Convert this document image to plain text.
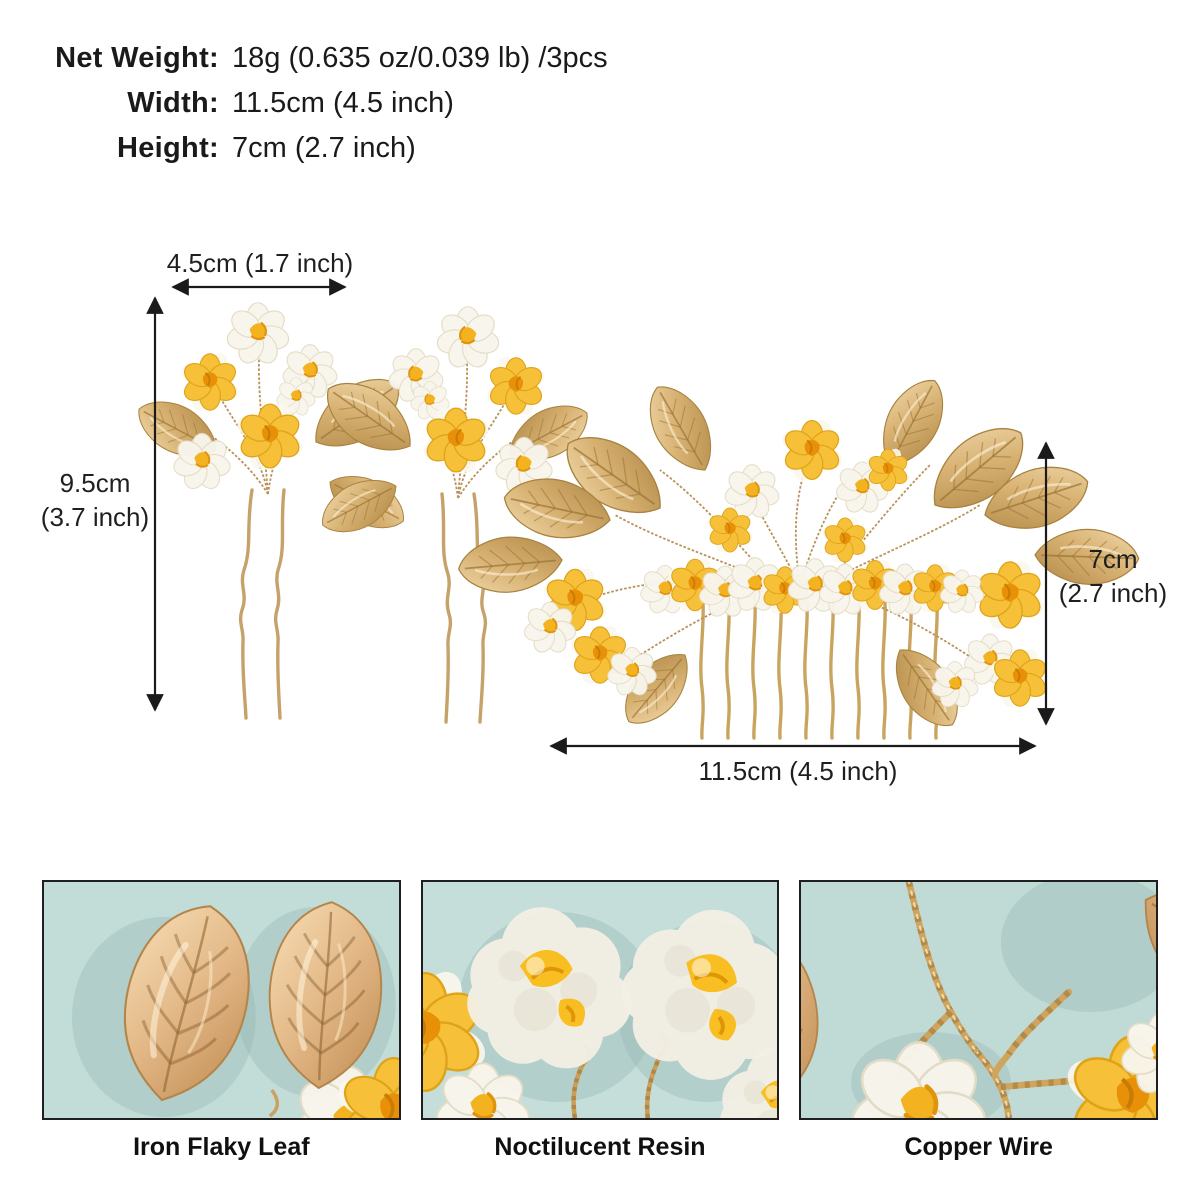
Net Weight: 18g (0.635 oz/0.039 lb) /3pcs
Width: 11.5cm (4.5 inch)
Height: 7cm (2.7 inch)
4.5cm (1.7 inch)
9.5cm
(3.7 inch)
7cm
(2.7 inch)
11.5cm (4.5 inch)
Iron Flaky Leaf	Noctilucent Resin	Copper Wire
